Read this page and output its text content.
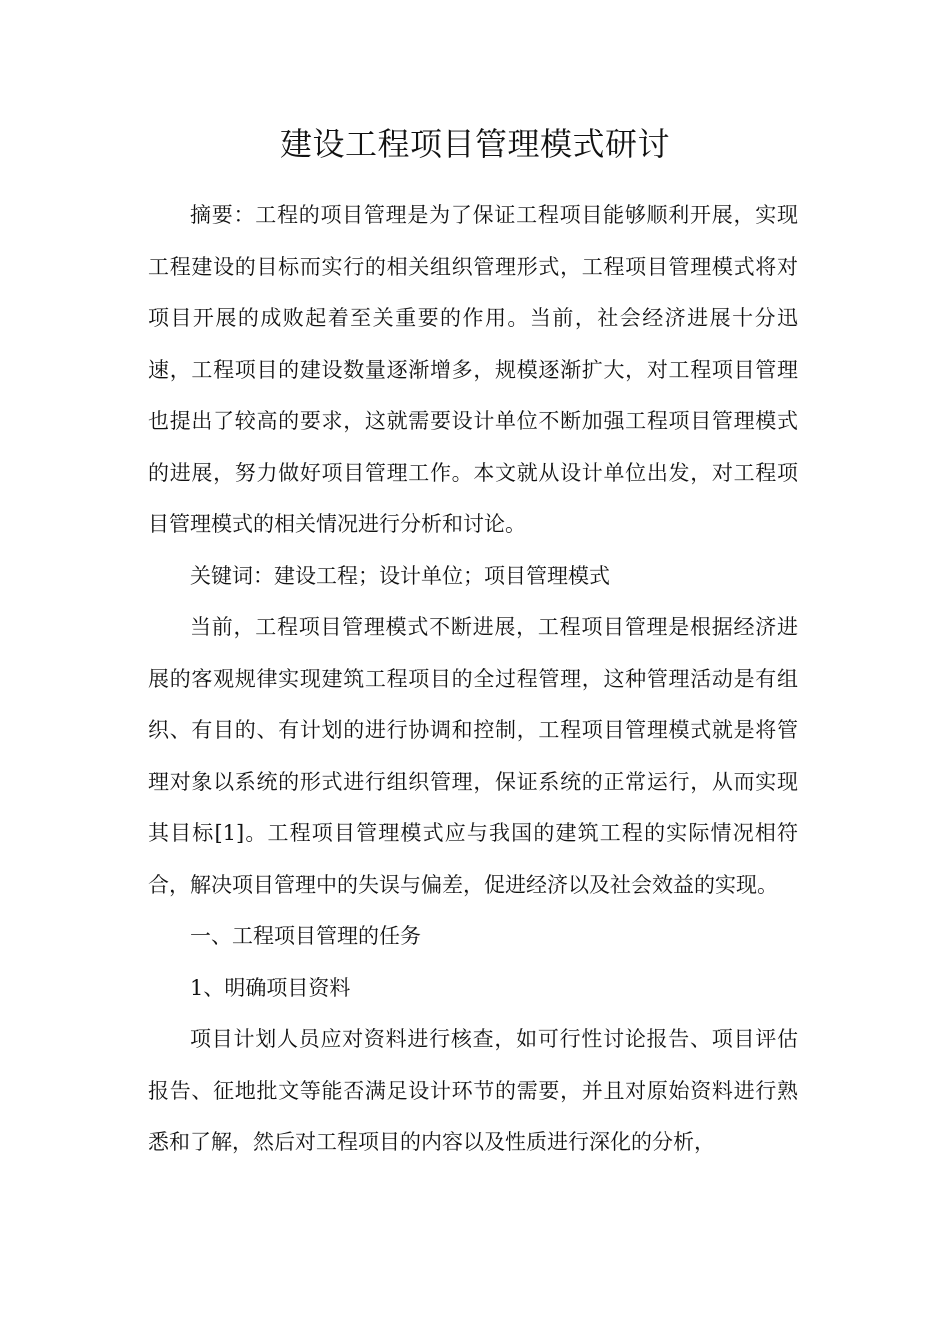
建设工程项目管理模式研讨

摘要：工程的项目管理是为了保证工程项目能够顺利开展，实现工程建设的目标而实行的相关组织管理形式，工程项目管理模式将对项目开展的成败起着至关重要的作用。当前，社会经济进展十分迅速，工程项目的建设数量逐渐增多，规模逐渐扩大，对工程项目管理也提出了较高的要求，这就需要设计单位不断加强工程项目管理模式的进展，努力做好项目管理工作。本文就从设计单位出发，对工程项目管理模式的相关情况进行分析和讨论。

关键词：建设工程；设计单位；项目管理模式

当前，工程项目管理模式不断进展，工程项目管理是根据经济进展的客观规律实现建筑工程项目的全过程管理，这种管理活动是有组织、有目的、有计划的进行协调和控制，工程项目管理模式就是将管理对象以系统的形式进行组织管理，保证系统的正常运行，从而实现其目标[1]。工程项目管理模式应与我国的建筑工程的实际情况相符合，解决项目管理中的失误与偏差，促进经济以及社会效益的实现。

一、工程项目管理的任务

1、明确项目资料

项目计划人员应对资料进行核查，如可行性讨论报告、项目评估报告、征地批文等能否满足设计环节的需要，并且对原始资料进行熟悉和了解，然后对工程项目的内容以及性质进行深化的分析，
